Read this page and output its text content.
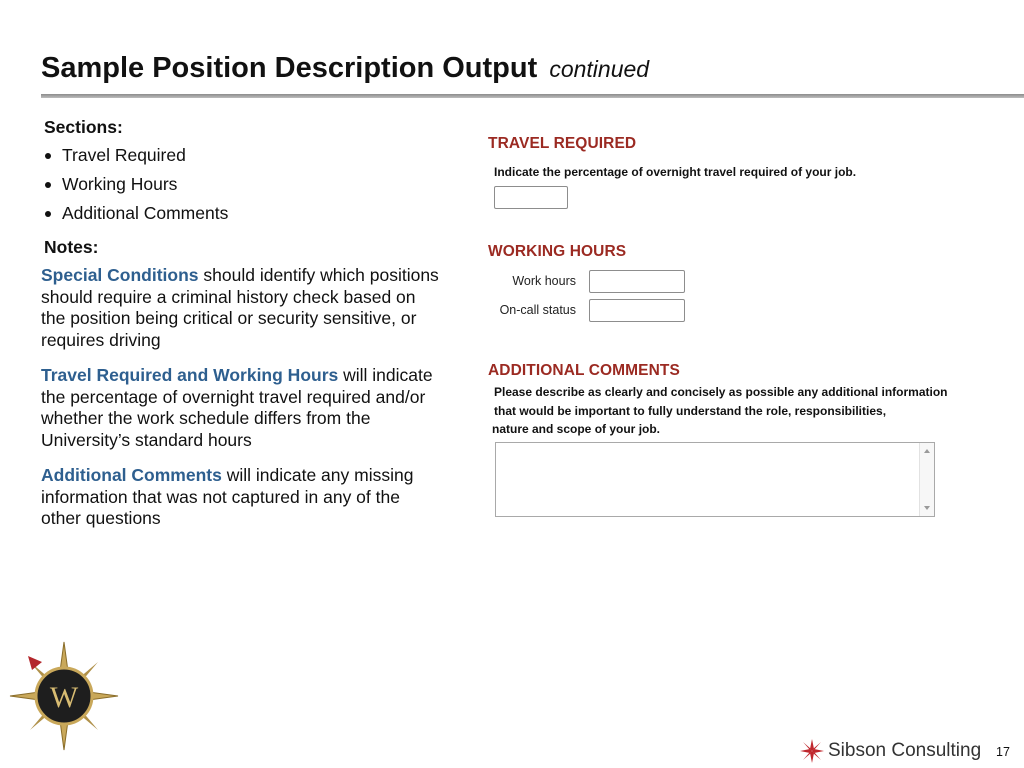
Sample Position Description Output continued
Sections:
Travel Required
Working Hours
Additional Comments
Notes:

Special Conditions should identify which positions should require a criminal history check based on the position being critical or security sensitive, or requires driving

Travel Required and Working Hours will indicate the percentage of overnight travel required and/or whether the work schedule differs from the University’s standard hours

Additional Comments will indicate any missing information that was not captured in any of the other questions

TRAVEL REQUIRED
Indicate the percentage of overnight travel required of your job.
WORKING HOURS
Work hours
On-call status
ADDITIONAL COMMENTS
Please describe as clearly and concisely as possible any additional information
that would be important to fully understand the role, responsibilities,
nature and scope of your job.
W
Sibson Consulting 17
